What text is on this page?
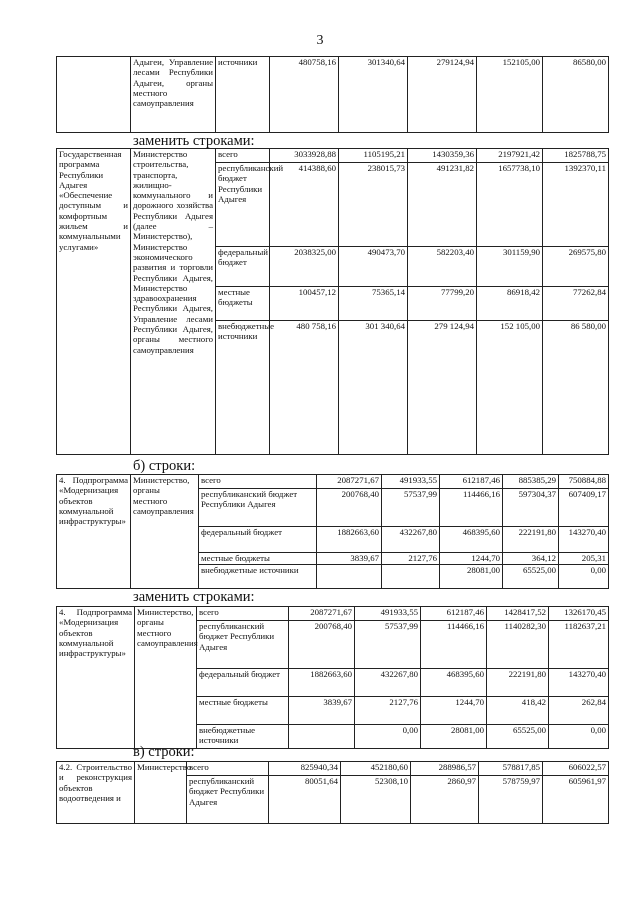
3
	Адыгеи, Управление лесами Республики Адыгеи, органы местного самоуправления	источники	480758,16	301340,64	279124,94	152105,00	86580,00
заменить строками:
Государственная программа Республики Адыгея «Обеспечение доступным и комфортным жильем и коммунальными услугами»	Министерство строительства, транспорта, жилищно-коммунального и дорожного хозяйства Республики Адыгея (далее – Министерство), Министерство экономического развития и торговли Республики Адыгея, Министерство здравоохранения Республики Адыгея, Управление лесами Республики Адыгея, органы местного самоуправления	всего	3033928,88	1105195,21	1430359,36	2197921,42	1825788,75
		республиканский бюджет Республики Адыгея	414388,60	238015,73	491231,82	1657738,10	1392370,11
		федеральный бюджет	2038325,00	490473,70	582203,40	301159,90	269575,80
		местные бюджеты	100457,12	75365,14	77799,20	86918,42	77262,84
		внебюджетные источники	480 758,16	301 340,64	279 124,94	152 105,00	86 580,00
б) строки:
4. Подпрограмма «Модернизация объектов коммунальной инфраструктуры»	Министерство, органы местного самоуправления	всего	2087271,67	491933,55	612187,46	885385,29	750884,88
		республиканский бюджет Республики Адыгея	200768,40	57537,99	114466,16	597304,37	607409,17
		федеральный бюджет	1882663,60	432267,80	468395,60	222191,80	143270,40
		местные бюджеты	3839,67	2127,76	1244,70	364,12	205,31
		внебюджетные источники			28081,00	65525,00	0,00
заменить строками:
4. Подпрограмма «Модернизация объектов коммунальной инфраструктуры»	Министерство, органы местного самоуправления	всего	2087271,67	491933,55	612187,46	1428417,52	1326170,45
		республиканский бюджет Республики Адыгея	200768,40	57537,99	114466,16	1140282,30	1182637,21
		федеральный бюджет	1882663,60	432267,80	468395,60	222191,80	143270,40
		местные бюджеты	3839,67	2127,76	1244,70	418,42	262,84
		внебюджетные источники		0,00	28081,00	65525,00	0,00
в) строки:
4.2. Строительство и реконструкция объектов водоотведения и	Министерство	всего	825940,34	452180,60	288986,57	578817,85	606022,57
		республиканский бюджет Республики Адыгея	80051,64	52308,10	2860,97	578759,97	605961,97
